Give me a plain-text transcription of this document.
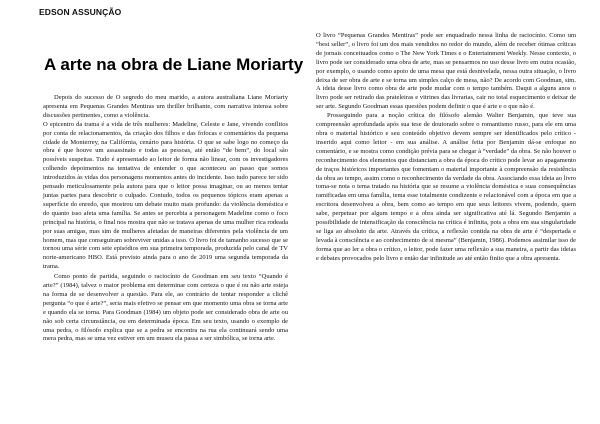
EDSON ASSUNÇÃO
A arte na obra de Liane Moriarty

Depois do sucesso de O segredo do meu marido, a autora australiana Liane Moriarty apresenta em Pequenas Grandes Mentiras um thriller brilhante, com narrativa intensa sobre discussões pertinentes, como a violência.

O epicentro da trama é a vida de três mulheres: Madeline, Celeste e Jane, vivendo conflitos por conta de relacionamentos, da criação dos filhos e das fofocas e comentários da pequena cidade de Monterrey, na Califórnia, cenário para história. O que se sabe logo no começo da obra é que houve um assassinato e todas as pessoas, até então “de bem”, do local são possíveis suspeitas. Tudo é apresentado ao leitor de forma não linear, com os investigadores colhendo depoimentos na tentativa de entender o que aconteceu ao passo que somos introduzidos às vidas dos personagens momentos antes do incidente. Isso tudo parece ter sido pensado meticulosamente pela autora para que o leitor possa imaginar, ou ao menos tentar juntas partes para descobrir o culpado. Contudo, todos os pequenos tópicos eram apenas a superfície do enredo, que mostrou um debate muito mais profundo: da violência doméstica e do quanto isso afeta uma família. Se antes se percebia a personagem Madeline como o foco principal na história, o final nos mostra que não se tratava apenas de uma mulher rica rodeada por suas amigas, mas sim de mulheres afetadas de maneiras diferentes pela violência de um homem, mas que conseguiram sobreviver unidas a isso. O livro foi de tamanho sucesso que se tornou uma série com sete episódios em sua primeira temporada, produzida pelo canal de TV norte-americano HBO. Está previsto ainda para o ano de 2019 uma segunda temporada da trama.

Como ponto de partida, seguindo o raciocínio de Goodman em seu texto “Quando é arte?” (1984), talvez o maior problema em determinar com certeza o que é ou não arte esteja na forma de se desenvolver a questão. Para ele, ao contrário de tentar responder a clichê pergunta “o que é arte?”, seria mais efetivo se pensar em que momento uma obra se torna arte e quando ela se torna. Para Goodman (1984) um objeto pode ser considerado obra de arte ou não sob certa circunstância, ou em determinada época. Em seu texto, usando o exemplo de uma pedra, o filósofo explica que se a pedra se encontra na rua ela continuará sendo uma mera pedra, mas se uma vez estiver em um museu ela passa a ser simbólica, se torna arte.

O livro “Pequenas Grandes Mentiras” pode ser enquadrado nessa linha de raciocínio. Como um “best seller”, o livro foi um dos mais vendidos no redor do mundo, além de receber ótimas críticas de jornais conceituados como o The New York Times e o Entertainment Weekly. Nesse contexto, o livro pode ser considerado uma obra de arte, mas se pensarmos no uso desse livro em outra ocasião, por exemplo, o usando como apoio de uma mesa que está desnivelada, nessa outra situação, o livro deixa de ser obra de arte e se torna um simples calço de mesa, não? De acordo com Goodman, sim. A ideia desse livro como obra de arte pode mudar com o tempo também. Daqui a alguns anos o livro pode ser retirado das prateleiras e vitrines das livrarias, cair no total esquecimento e deixar de ser arte. Segundo Goodman essas questões podem definir o que é arte e o que não é.

Prosseguindo para a noção crítica do filósofo alemão Walter Benjamin, que teve sua compreensão aprofundada após sua tese de doutorado sobre o romantismo russo, para ele em uma obra o material histórico e seu conteúdo objetivo devem sempre ser identificados pelo crítico - inserido aqui como leitor - em sua análise. A análise feita por Benjamin dá-se enfoque no comentário, e se mostra como condição prévia para se chegar à “verdade” da obra. Se não houver o reconhecimento dos elementos que distanciam a obra da época do crítico pode levar ao apagamento de traços históricos importantes que fomentam o material importante à compreensão da resistência da obra ao tempo, assim como o reconhecimento da verdade da obra. Associando essa ideia ao livro toma-se nota o tema tratado na história que se resume a violência doméstica e suas consequências ramificadas em uma família, tema esse totalmente condizente e relacionável com a época em que a escritora desenvolveu a obra, bem como ao tempo em que seus leitores vivem, podendo, quem sabe, perpetuar por algum tempo e a obra ainda ser significativa até lá. Segundo Benjamin a possibilidade de intensificação da consciência na crítica é infinita, pois a obra em sua singularidade se liga ao absoluto da arte. Através da crítica, a reflexão contida na obra de arte é “despertada e levada à consciência e ao conhecimento de si mesma” (Benjamin, 1986). Podemos assimilar isso de forma que ao ler a obra o crítico, o leitor, pode fazer uma reflexão a sua maneira, a partir das ideias e debates provocados pelo livro e então dar infinitude ao até então finito que a obra apresenta.
